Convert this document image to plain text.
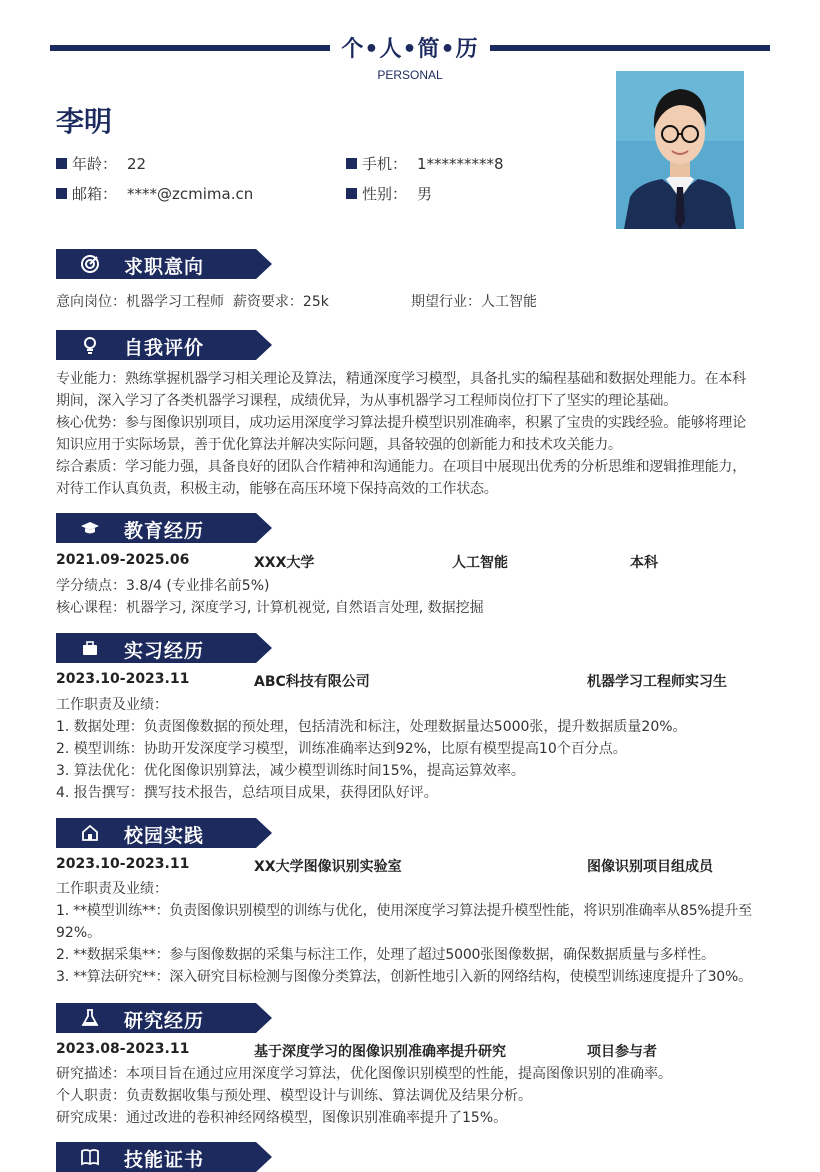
个•人•简•历
PERSONAL
李明
年龄： 22	手机： 1*********8
邮箱： ****@zcmima.cn	性别： 男
求职意向
意向岗位：机器学习工程师 薪资要求：25k	期望行业：人工智能
自我评价
专业能力：熟练掌握机器学习相关理论及算法，精通深度学习模型，具备扎实的编程基础和数据处理能力。在本科
期间，深入学习了各类机器学习课程，成绩优异，为从事机器学习工程师岗位打下了坚实的理论基础。
核心优势：参与图像识别项目，成功运用深度学习算法提升模型识别准确率，积累了宝贵的实践经验。能够将理论
知识应用于实际场景，善于优化算法并解决实际问题，具备较强的创新能力和技术攻关能力。
综合素质：学习能力强，具备良好的团队合作精神和沟通能力。在项目中展现出优秀的分析思维和逻辑推理能力，
对待工作认真负责，积极主动，能够在高压环境下保持高效的工作状态。
教育经历
2021.09-2025.06	XXX大学	人工智能	本科
学分绩点：3.8/4 (专业排名前5%)
核心课程：机器学习, 深度学习, 计算机视觉, 自然语言处理, 数据挖掘
实习经历
2023.10-2023.11	ABC科技有限公司	机器学习工程师实习生
工作职责及业绩：
1. 数据处理：负责图像数据的预处理，包括清洗和标注，处理数据量达5000张，提升数据质量20%。
2. 模型训练：协助开发深度学习模型，训练准确率达到92%，比原有模型提高10个百分点。
3. 算法优化：优化图像识别算法，减少模型训练时间15%，提高运算效率。
4. 报告撰写：撰写技术报告，总结项目成果，获得团队好评。
校园实践
2023.10-2023.11	XX大学图像识别实验室	图像识别项目组成员
工作职责及业绩：
1. **模型训练**：负责图像识别模型的训练与优化，使用深度学习算法提升模型性能，将识别准确率从85%提升至
92%。
2. **数据采集**：参与图像数据的采集与标注工作，处理了超过5000张图像数据，确保数据质量与多样性。
3. **算法研究**：深入研究目标检测与图像分类算法，创新性地引入新的网络结构，使模型训练速度提升了30%。
研究经历
2023.08-2023.11	基于深度学习的图像识别准确率提升研究	项目参与者
研究描述：本项目旨在通过应用深度学习算法，优化图像识别模型的性能，提高图像识别的准确率。
个人职责：负责数据收集与预处理、模型设计与训练、算法调优及结果分析。
研究成果：通过改进的卷积神经网络模型，图像识别准确率提升了15%。
技能证书
